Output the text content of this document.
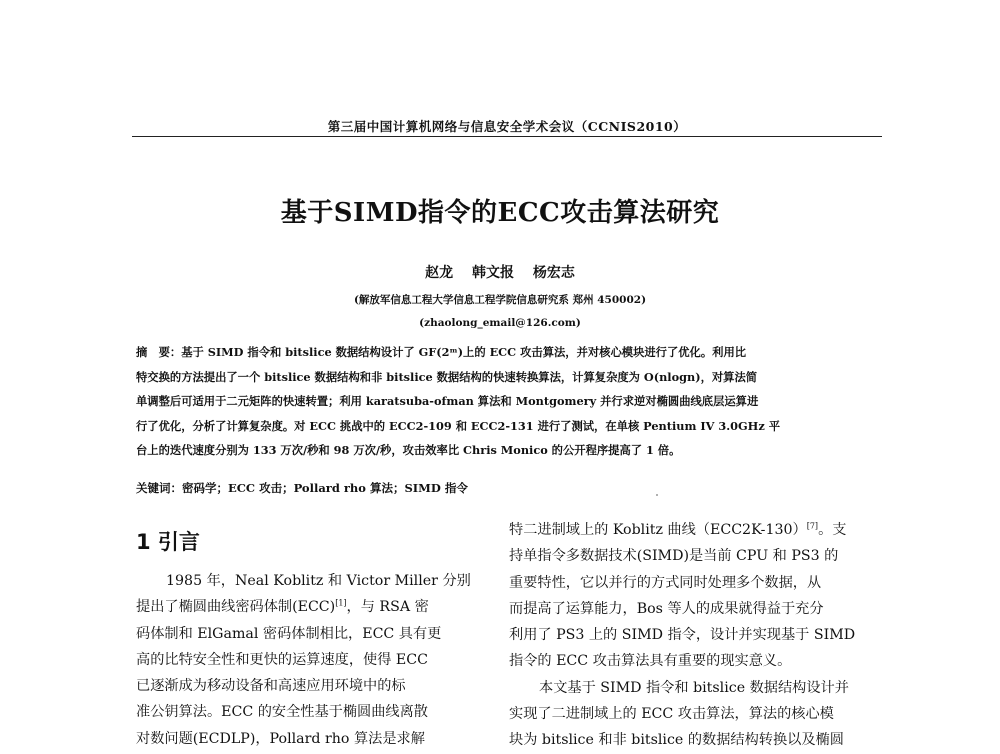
第三届中国计算机网络与信息安全学术会议（CCNIS2010）
基于SIMD指令的ECC攻击算法研究
赵龙 韩文报 杨宏志
(解放军信息工程大学信息工程学院信息研究系 郑州 450002)
(zhaolong_email@126.com)
摘　要：基于 SIMD 指令和 bitslice 数据结构设计了 GF(2ᵐ)上的 ECC 攻击算法，并对核心模块进行了优化。利用比
特交换的方法提出了一个 bitslice 数据结构和非 bitslice 数据结构的快速转换算法，计算复杂度为 O(nlogn)，对算法简
单调整后可适用于二元矩阵的快速转置；利用 karatsuba-ofman 算法和 Montgomery 并行求逆对椭圆曲线底层运算进
行了优化，分析了计算复杂度。对 ECC 挑战中的 ECC2-109 和 ECC2-131 进行了测试，在单核 Pentium IV 3.0GHz 平
台上的迭代速度分别为 133 万次/秒和 98 万次/秒，攻击效率比 Chris Monico 的公开程序提高了 1 倍。
关键词：密码学；ECC 攻击；Pollard rho 算法；SIMD 指令
1 引言
1985 年，Neal Koblitz 和 Victor Miller 分别
提出了椭圆曲线密码体制(ECC)[1]，与 RSA 密
码体制和 ElGamal 密码体制相比，ECC 具有更
高的比特安全性和更快的运算速度，使得 ECC
已逐渐成为移动设备和高速应用环境中的标
准公钥算法。ECC 的安全性基于椭圆曲线离散
对数问题(ECDLP)，Pollard rho 算法是求解
特二进制域上的 Koblitz 曲线（ECC2K-130）[7]。支
持单指令多数据技术(SIMD)是当前 CPU 和 PS3 的
重要特性，它以并行的方式同时处理多个数据，从
而提高了运算能力，Bos 等人的成果就得益于充分
利用了 PS3 上的 SIMD 指令，设计并实现基于 SIMD
指令的 ECC 攻击算法具有重要的现实意义。
本文基于 SIMD 指令和 bitslice 数据结构设计并
实现了二进制域上的 ECC 攻击算法，算法的核心模
块为 bitslice 和非 bitslice 的数据结构转换以及椭圆
